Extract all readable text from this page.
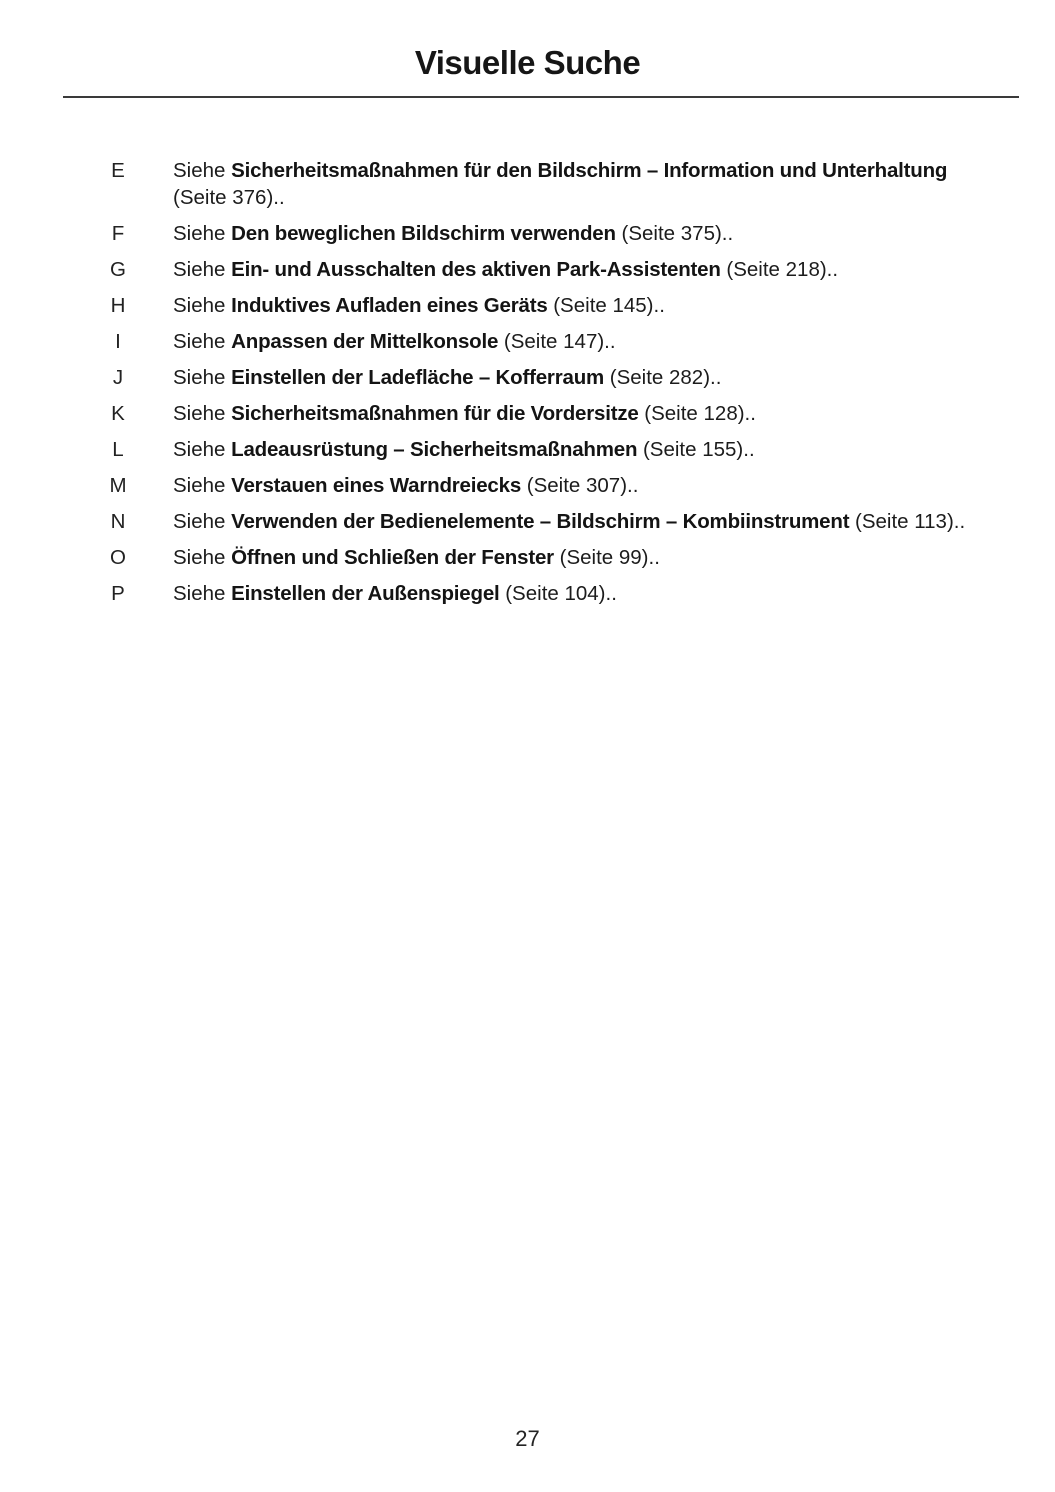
Visuelle Suche
E	Siehe Sicherheitsmaßnahmen für den Bildschirm – Information und Unterhaltung (Seite 376)..
F	Siehe Den beweglichen Bildschirm verwenden (Seite 375)..
G	Siehe Ein- und Ausschalten des aktiven Park-Assistenten (Seite 218)..
H	Siehe Induktives Aufladen eines Geräts (Seite 145)..
I	Siehe Anpassen der Mittelkonsole (Seite 147)..
J	Siehe Einstellen der Ladefläche – Kofferraum (Seite 282)..
K	Siehe Sicherheitsmaßnahmen für die Vordersitze (Seite 128)..
L	Siehe Ladeausrüstung – Sicherheitsmaßnahmen (Seite 155)..
M	Siehe Verstauen eines Warndreiecks (Seite 307)..
N	Siehe Verwenden der Bedienelemente – Bildschirm – Kombiinstrument (Seite 113)..
O	Siehe Öffnen und Schließen der Fenster (Seite 99)..
P	Siehe Einstellen der Außenspiegel (Seite 104)..
27
